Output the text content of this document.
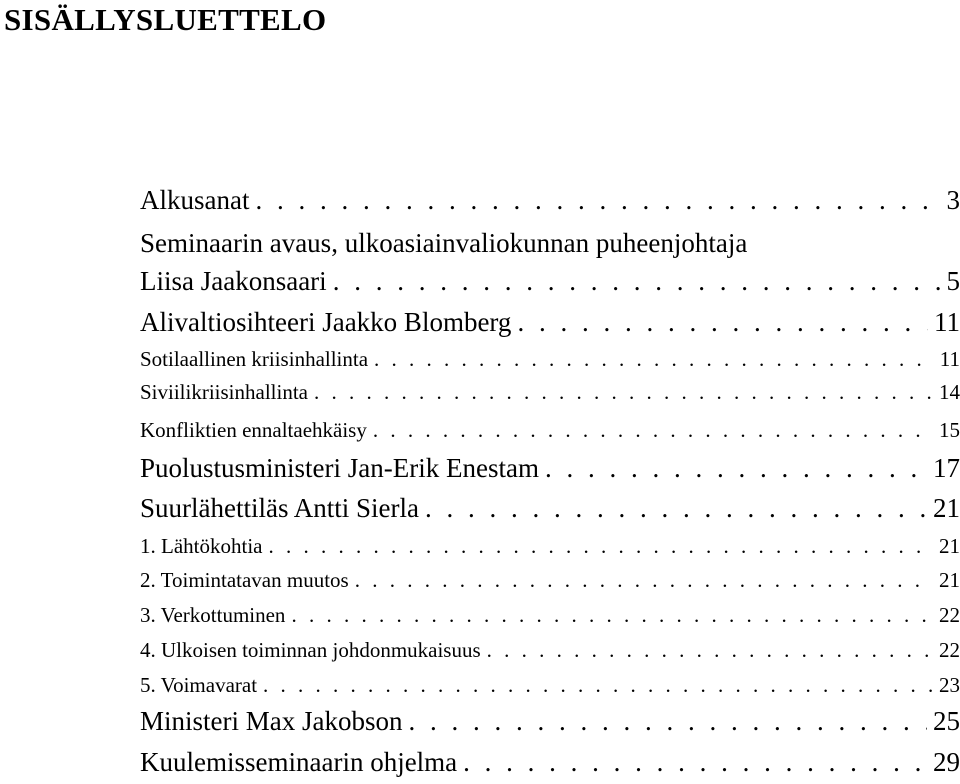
SISÄLLYSLUETTELO
Alkusanat . . .	3
Seminaarin avaus, ulkoasiainvaliokunnan puheenjohtaja
Liisa Jaakonsaari . . .	5
Alivaltiosihteeri Jaakko Blomberg . . .	11
Sotilaallinen kriisinhallinta . . .	11
Siviilikriisinhallinta . . .	14
Konfliktien ennaltaehkäisy . . .	15
Puolustusministeri Jan-Erik Enestam . . .	17
Suurlähettiläs Antti Sierla . . .	21
1. Lähtökohtia . . .	21
2. Toimintatavan muutos . . .	21
3. Verkottuminen . . .	22
4. Ulkoisen toiminnan johdonmukaisuus . . .	22
5. Voimavarat . . .	23
Ministeri Max Jakobson . . .	25
Kuulemisseminaarin ohjelma . . .	29
